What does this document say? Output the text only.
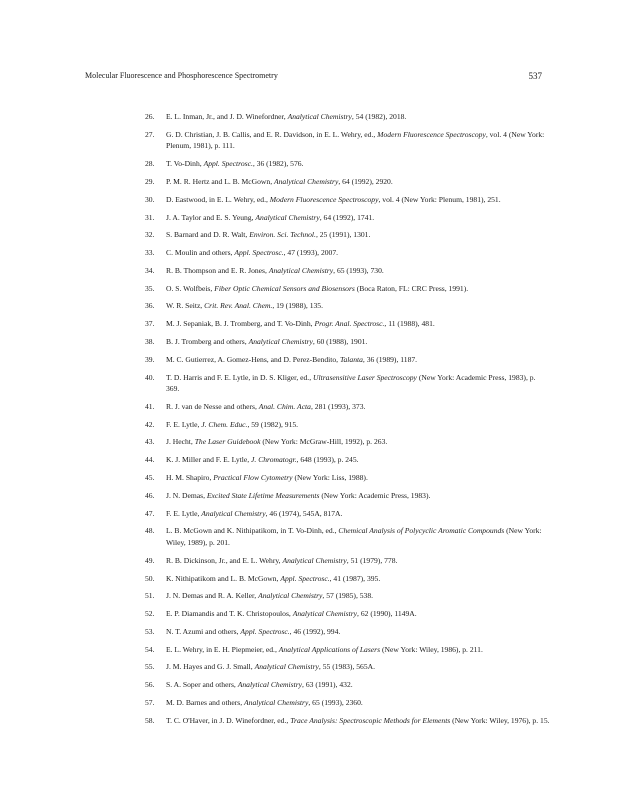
Molecular Fluorescence and Phosphorescence Spectrometry	537
26. E. L. Inman, Jr., and J. D. Winefordner, Analytical Chemistry, 54 (1982), 2018.
27. G. D. Christian, J. B. Callis, and E. R. Davidson, in E. L. Wehry, ed., Modern Fluorescence Spectroscopy, vol. 4 (New York: Plenum, 1981), p. 111.
28. T. Vo-Dinh, Appl. Spectrosc., 36 (1982), 576.
29. P. M. R. Hertz and L. B. McGown, Analytical Chemistry, 64 (1992), 2920.
30. D. Eastwood, in E. L. Wehry, ed., Modern Fluorescence Spectroscopy, vol. 4 (New York: Plenum, 1981), 251.
31. J. A. Taylor and E. S. Yeung, Analytical Chemistry, 64 (1992), 1741.
32. S. Barnard and D. R. Walt, Environ. Sci. Technol., 25 (1991), 1301.
33. C. Moulin and others, Appl. Spectrosc., 47 (1993), 2007.
34. R. B. Thompson and E. R. Jones, Analytical Chemistry, 65 (1993), 730.
35. O. S. Wolfbeis, Fiber Optic Chemical Sensors and Biosensors (Boca Raton, FL: CRC Press, 1991).
36. W. R. Seitz, Crit. Rev. Anal. Chem., 19 (1988), 135.
37. M. J. Sepaniak, B. J. Tromberg, and T. Vo-Dinh, Progr. Anal. Spectrosc., 11 (1988), 481.
38. B. J. Tromberg and others, Analytical Chemistry, 60 (1988), 1901.
39. M. C. Gutierrez, A. Gomez-Hens, and D. Perez-Bendito, Talanta, 36 (1989), 1187.
40. T. D. Harris and F. E. Lytle, in D. S. Kliger, ed., Ultrasensitive Laser Spectroscopy (New York: Academic Press, 1983), p. 369.
41. R. J. van de Nesse and others, Anal. Chim. Acta, 281 (1993), 373.
42. F. E. Lytle, J. Chem. Educ., 59 (1982), 915.
43. J. Hecht, The Laser Guidebook (New York: McGraw-Hill, 1992), p. 263.
44. K. J. Miller and F. E. Lytle, J. Chromatogr., 648 (1993), p. 245.
45. H. M. Shapiro, Practical Flow Cytometry (New York: Liss, 1988).
46. J. N. Demas, Excited State Lifetime Measurements (New York: Academic Press, 1983).
47. F. E. Lytle, Analytical Chemistry, 46 (1974), 545A, 817A.
48. L. B. McGown and K. Nithipatikom, in T. Vo-Dinh, ed., Chemical Analysis of Polycyclic Aromatic Compounds (New York: Wiley, 1989), p. 201.
49. R. B. Dickinson, Jr., and E. L. Wehry, Analytical Chemistry, 51 (1979), 778.
50. K. Nithipatikom and L. B. McGown, Appl. Spectrosc., 41 (1987), 395.
51. J. N. Demas and R. A. Keller, Analytical Chemistry, 57 (1985), 538.
52. E. P. Diamandis and T. K. Christopoulos, Analytical Chemistry, 62 (1990), 1149A.
53. N. T. Azumi and others, Appl. Spectrosc., 46 (1992), 994.
54. E. L. Wehry, in E. H. Piepmeier, ed., Analytical Applications of Lasers (New York: Wiley, 1986), p. 211.
55. J. M. Hayes and G. J. Small, Analytical Chemistry, 55 (1983), 565A.
56. S. A. Soper and others, Analytical Chemistry, 63 (1991), 432.
57. M. D. Barnes and others, Analytical Chemistry, 65 (1993), 2360.
58. T. C. O'Haver, in J. D. Winefordner, ed., Trace Analysis: Spectroscopic Methods for Elements (New York: Wiley, 1976), p. 15.
